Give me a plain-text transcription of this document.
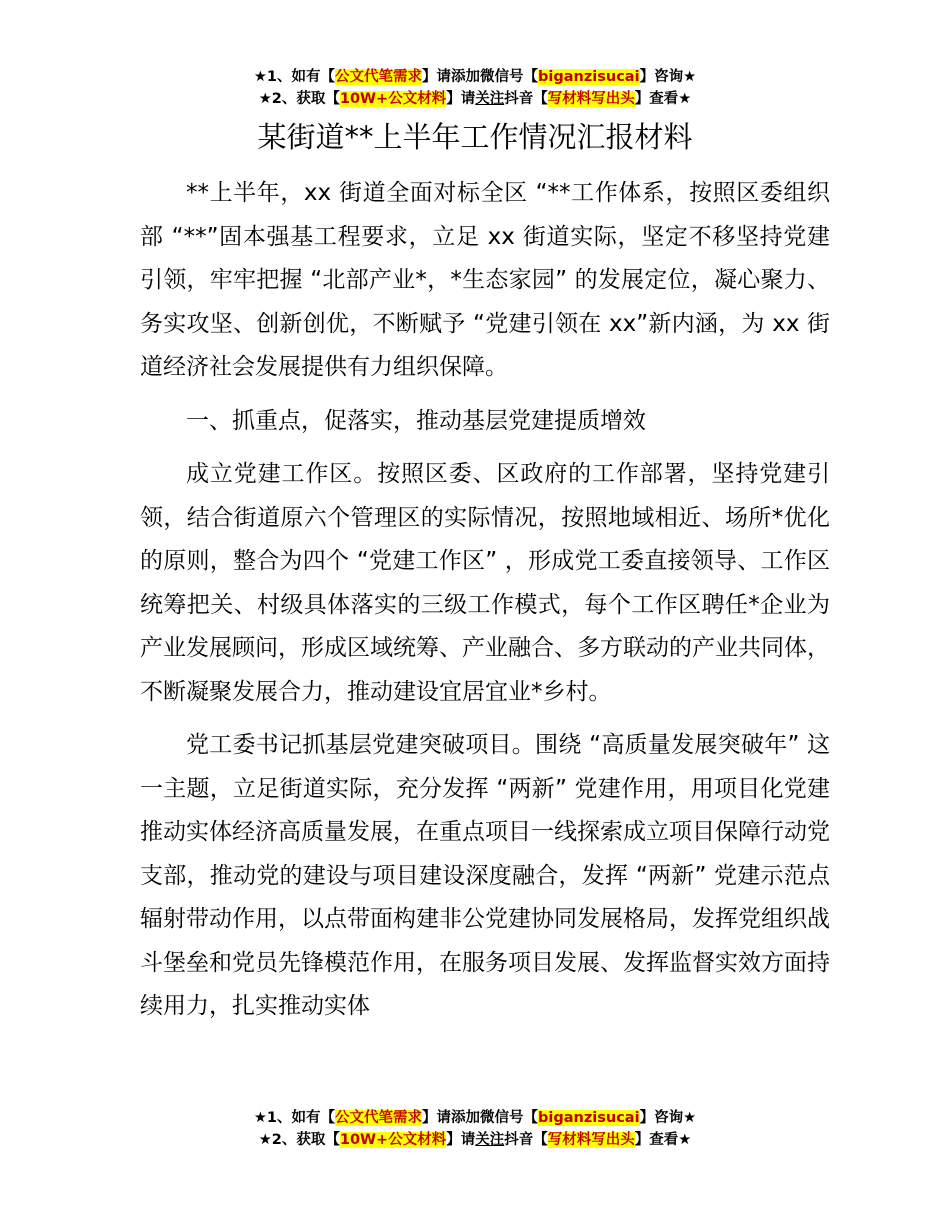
★1、如有【公文代笔需求】请添加微信号【biganzisucai】咨询★
★2、获取【10W+公文材料】请关注抖音【写材料写出头】查看★
某街道**上半年工作情况汇报材料

**上半年，xx 街道全面对标全区 “**工作体系，按照区委组织部 “**”固本强基工程要求，立足 xx 街道实际，坚定不移坚持党建引领，牢牢把握 “北部产业*，*生态家园” 的发展定位，凝心聚力、务实攻坚、创新创优，不断赋予 “党建引领在 xx”新内涵，为 xx 街道经济社会发展提供有力组织保障。

一、抓重点，促落实，推动基层党建提质增效

成立党建工作区。按照区委、区政府的工作部署，坚持党建引领，结合街道原六个管理区的实际情况，按照地域相近、场所*优化的原则，整合为四个 “党建工作区” ，形成党工委直接领导、工作区统筹把关、村级具体落实的三级工作模式，每个工作区聘任*企业为产业发展顾问，形成区域统筹、产业融合、多方联动的产业共同体，不断凝聚发展合力，推动建设宜居宜业*乡村。

党工委书记抓基层党建突破项目。围绕 “高质量发展突破年” 这一主题，立足街道实际，充分发挥 “两新” 党建作用，用项目化党建推动实体经济高质量发展，在重点项目一线探索成立项目保障行动党支部，推动党的建设与项目建设深度融合，发挥 “两新” 党建示范点辐射带动作用，以点带面构建非公党建协同发展格局，发挥党组织战斗堡垒和党员先锋模范作用，在服务项目发展、发挥监督实效方面持续用力，扎实推动实体

★1、如有【公文代笔需求】请添加微信号【biganzisucai】咨询★
★2、获取【10W+公文材料】请关注抖音【写材料写出头】查看★
